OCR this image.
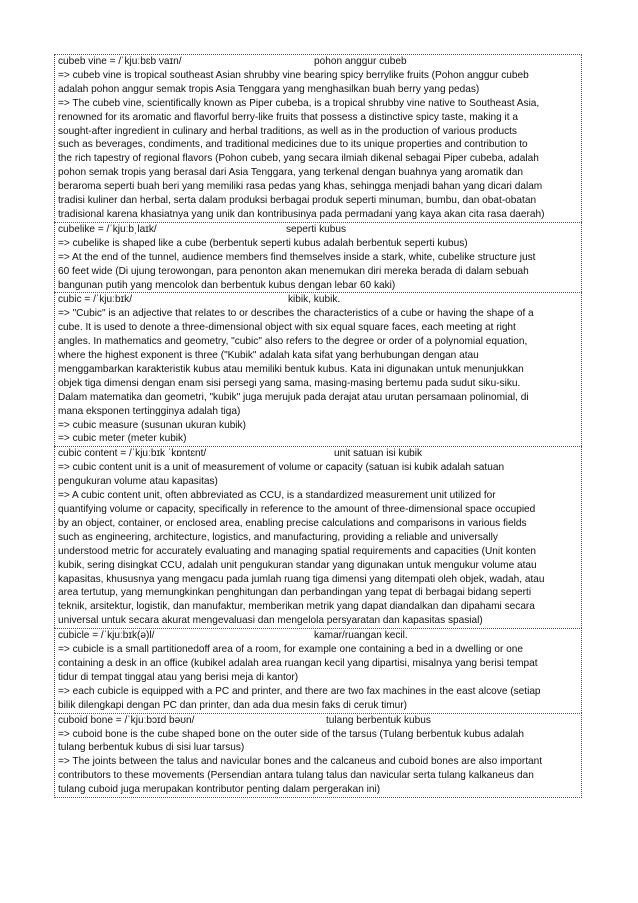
cubeb vine = /ˈkjuːbɛb vaɪn/	pohon anggur cubeb
=> cubeb vine is tropical southeast Asian shrubby vine bearing spicy berrylike fruits (Pohon anggur cubeb
adalah pohon anggur semak tropis Asia Tenggara yang menghasilkan buah berry yang pedas)
=> The cubeb vine, scientifically known as Piper cubeba, is a tropical shrubby vine native to Southeast Asia,
renowned for its aromatic and flavorful berry-like fruits that possess a distinctive spicy taste, making it a
sought-after ingredient in culinary and herbal traditions, as well as in the production of various products
such as beverages, condiments, and traditional medicines due to its unique properties and contribution to
the rich tapestry of regional flavors (Pohon cubeb, yang secara ilmiah dikenal sebagai Piper cubeba, adalah
pohon semak tropis yang berasal dari Asia Tenggara, yang terkenal dengan buahnya yang aromatik dan
beraroma seperti buah beri yang memiliki rasa pedas yang khas, sehingga menjadi bahan yang dicari dalam
tradisi kuliner dan herbal, serta dalam produksi berbagai produk seperti minuman, bumbu, dan obat-obatan
tradisional karena khasiatnya yang unik dan kontribusinya pada permadani yang kaya akan cita rasa daerah)
cubelike = /ˈkjuːbˌlaɪk/	seperti kubus
=> cubelike is shaped like a cube (berbentuk seperti kubus adalah berbentuk seperti kubus)
=> At the end of the tunnel, audience members find themselves inside a stark, white, cubelike structure just
60 feet wide (Di ujung terowongan, para penonton akan menemukan diri mereka berada di dalam sebuah
bangunan putih yang mencolok dan berbentuk kubus dengan lebar 60 kaki)
cubic = /ˈkjuːbɪk/	kibik, kubik.
=> "Cubic" is an adjective that relates to or describes the characteristics of a cube or having the shape of a
cube. It is used to denote a three-dimensional object with six equal square faces, each meeting at right
angles. In mathematics and geometry, "cubic" also refers to the degree or order of a polynomial equation,
where the highest exponent is three ("Kubik" adalah kata sifat yang berhubungan dengan atau
menggambarkan karakteristik kubus atau memiliki bentuk kubus. Kata ini digunakan untuk menunjukkan
objek tiga dimensi dengan enam sisi persegi yang sama, masing-masing bertemu pada sudut siku-siku.
Dalam matematika dan geometri, "kubik" juga merujuk pada derajat atau urutan persamaan polinomial, di
mana eksponen tertingginya adalah tiga)
=> cubic measure (susunan ukuran kubik)
=> cubic meter (meter kubik)
cubic content = /ˈkjuːbɪk ˈkɒntɛnt/	unit satuan isi kubik
=> cubic content unit is a unit of measurement of volume or capacity (satuan isi kubik adalah satuan
pengukuran volume atau kapasitas)
=> A cubic content unit, often abbreviated as CCU, is a standardized measurement unit utilized for
quantifying volume or capacity, specifically in reference to the amount of three-dimensional space occupied
by an object, container, or enclosed area, enabling precise calculations and comparisons in various fields
such as engineering, architecture, logistics, and manufacturing, providing a reliable and universally
understood metric for accurately evaluating and managing spatial requirements and capacities (Unit konten
kubik, sering disingkat CCU, adalah unit pengukuran standar yang digunakan untuk mengukur volume atau
kapasitas, khususnya yang mengacu pada jumlah ruang tiga dimensi yang ditempati oleh objek, wadah, atau
area tertutup, yang memungkinkan penghitungan dan perbandingan yang tepat di berbagai bidang seperti
teknik, arsitektur, logistik, dan manufaktur, memberikan metrik yang dapat diandalkan dan dipahami secara
universal untuk secara akurat mengevaluasi dan mengelola persyaratan dan kapasitas spasial)
cubicle = /ˈkjuːbɪk(ə)l/	kamar/ruangan kecil.
=> cubicle is a small partitionedoff area of a room, for example one containing a bed in a dwelling or one
containing a desk in an office (kubikel adalah area ruangan kecil yang dipartisi, misalnya yang berisi tempat
tidur di tempat tinggal atau yang berisi meja di kantor)
=> each cubicle is equipped with a PC and printer, and there are two fax machines in the east alcove (setiap
bilik dilengkapi dengan PC dan printer, dan ada dua mesin faks di ceruk timur)
cuboid bone = /ˈkjuːbɔɪd bəʊn/	tulang berbentuk kubus
=> cuboid bone is the cube shaped bone on the outer side of the tarsus (Tulang berbentuk kubus adalah
tulang berbentuk kubus di sisi luar tarsus)
=> The joints between the talus and navicular bones and the calcaneus and cuboid bones are also important
contributors to these movements (Persendian antara tulang talus dan navicular serta tulang kalkaneus dan
tulang cuboid juga merupakan kontributor penting dalam pergerakan ini)
